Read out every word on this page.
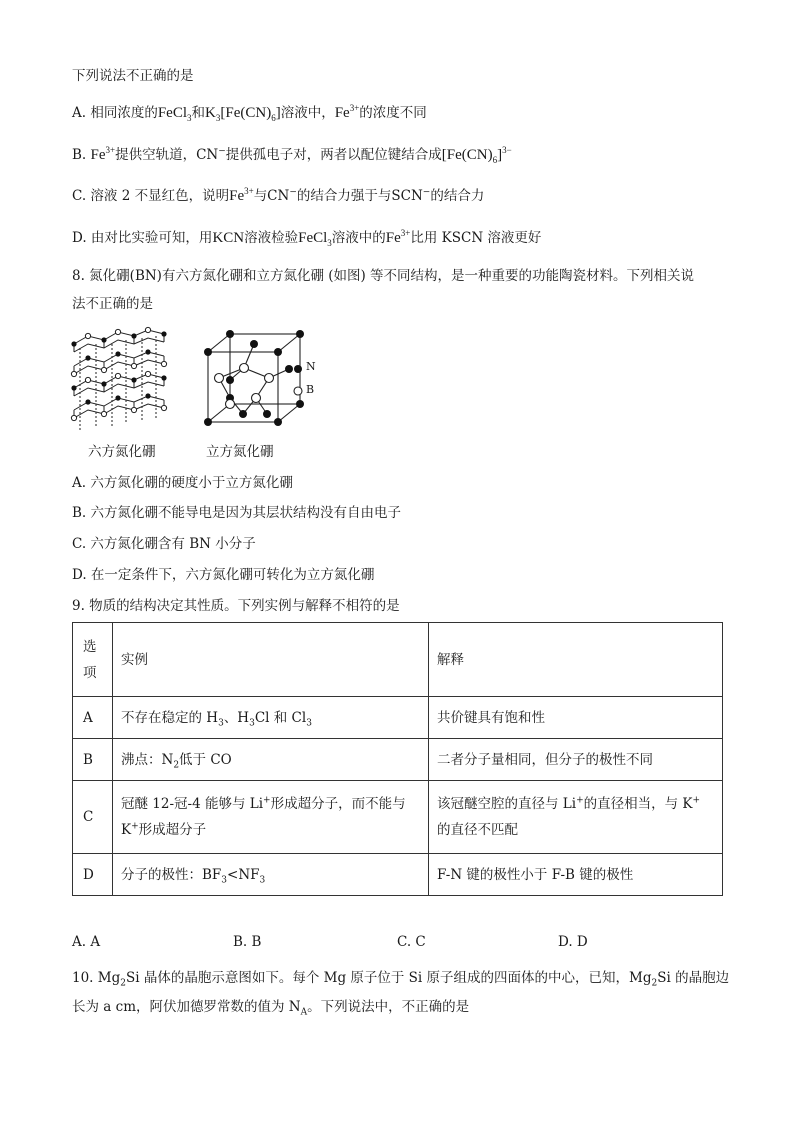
下列说法不正确的是
A. 相同浓度的FeCl$_3$和$K_3[Fe(CN)_6]$溶液中，$Fe^{3+}$的浓度不同
B. $Fe^{3+}$提供空轨道，CN−提供孤电子对，两者以配位键结合成$[Fe(CN)_6]^{3-}$
C. 溶液 2 不显红色，说明$Fe^{3+}$与CN−的结合力强于与SCN−的结合力
D. 由对比实验可知，用KCN溶液检验FeCl$_3$溶液中的$Fe^{3+}$比用 KSCN 溶液更好
8. 氮化硼(BN)有六方氮化硼和立方氮化硼 (如图) 等不同结构，是一种重要的功能陶瓷材料。下列相关说
法不正确的是
N
B
六方氮化硼	立方氮化硼
A. 六方氮化硼的硬度小于立方氮化硼
B. 六方氮化硼不能导电是因为其层状结构没有自由电子
C. 六方氮化硼含有 BN 小分子
D. 在一定条件下，六方氮化硼可转化为立方氮化硼
9. 物质的结构决定其性质。下列实例与解释不相符的是
选
项	实例	解释
A	不存在稳定的 $H_3$、$H_3Cl$ 和 $Cl_3$	共价键具有饱和性
B	沸点：$N_2$低于 CO	二者分子量相同，但分子的极性不同
C	冠醚 12-冠-4 能够与 Li+形成超分子，而不能与
K+形成超分子	该冠醚空腔的直径与 Li+的直径相当，与 K+
的直径不匹配
D	分子的极性：$BF_3<NF_3$	F-N 键的极性小于 F-B 键的极性
A. A	B. B	C. C	D. D
10. $Mg_2Si$ 晶体的晶胞示意图如下。每个 Mg 原子位于 Si 原子组成的四面体的中心，已知，$Mg_2Si$ 的晶胞边
长为 a cm，阿伏加德罗常数的值为 $N_A$。下列说法中，不正确的是
